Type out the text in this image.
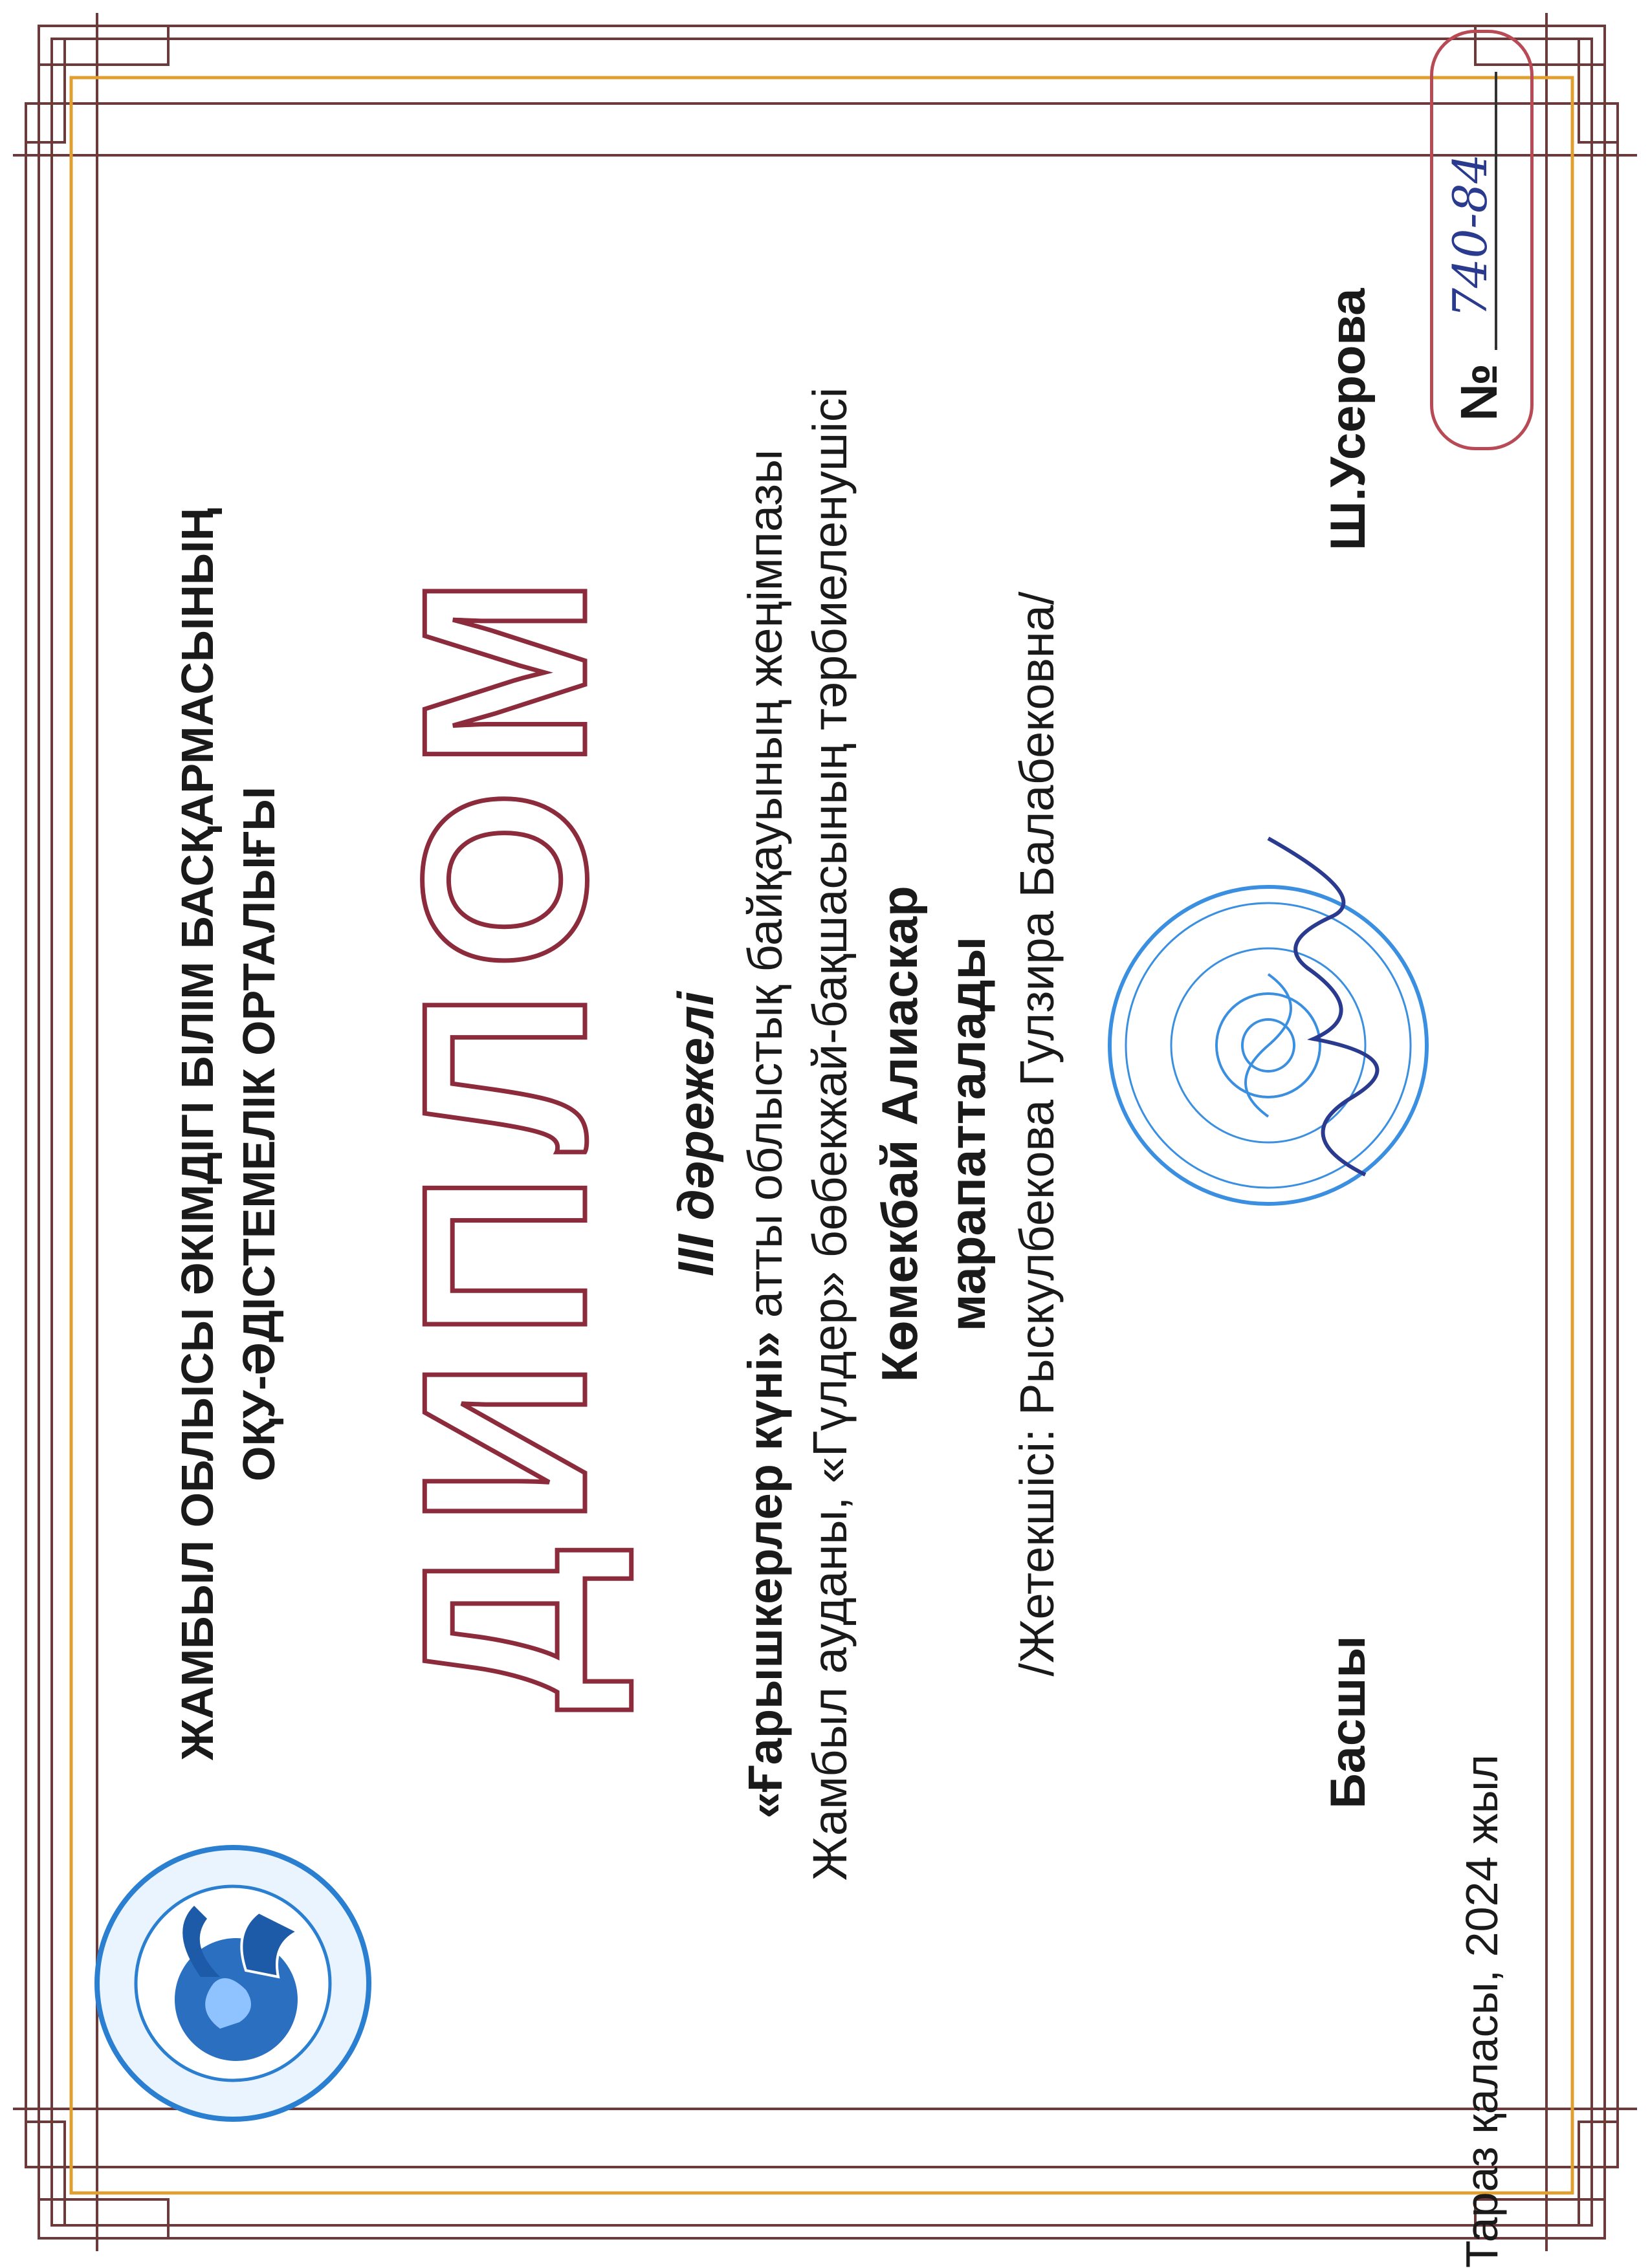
ЖАМБЫЛ ОБЛЫСЫ ӘКІМДІГІ БІЛІМ БАСҚАРМАСЫНЫҢ ОҚУ-ӘДІСТЕМЕЛІК ОРТАЛЫҒЫ ДИПЛОМ ІІІ дәрежелі
«Ғарышкерлер күні» атты облыстық байқауының жеңімпазы Жамбыл ауданы, «Гүлдер» бөбекжай-бақшасының тәрбиеленушісі Көмекбай Алиаскар марапатталады /Жетекшісі: Рыскулбекова Гулзира Балабековна/
Басшы
Ш.Усерова
Тараз қаласы, 2024 жыл
№
740-84
